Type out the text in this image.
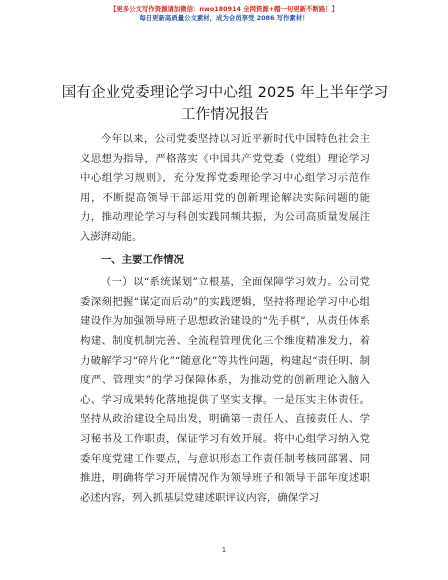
【更多公文写作资源请加微信：nwo180914 全网资源+帽一句更新不断路！】
每日更新高质量公文素材，成为会员享受 2086 写作素材！
国有企业党委理论学习中心组 2025 年上半年学习工作情况报告

今年以来，公司党委坚持以习近平新时代中国特色社会主义思想为指导，严格落实《中国共产党党委（党组）理论学习中心组学习规则》，充分发挥党委理论学习中心组学习示范作用，不断提高领导干部运用党的创新理论解决实际问题的能力，推动理论学习与科创实践同频共振，为公司高质量发展注入澎湃动能。

一、主要工作情况

（一）以“系统谋划”立根基，全面保障学习效力。公司党委深刻把握“谋定而后动”的实践逻辑，坚持将理论学习中心组建设作为加强领导班子思想政治建设的“先手棋”，从责任体系构建、制度机制完善、全流程管理优化三个维度精准发力，着力破解学习“碎片化”“随意化”等共性问题，构建起“责任明、制度严、管理实”的学习保障体系，为推动党的创新理论入脑入心、学习成果转化落地提供了坚实支撑。一是压实主体责任。坚持从政治建设全局出发，明确第一责任人、直接责任人、学习秘书及工作职责，保证学习有效开展。将中心组学习纳入党委年度党建工作要点，与意识形态工作责任制考核同部署、同推进，明确将学习开展情况作为领导班子和领导干部年度述职必述内容，列入抓基层党建述职评议内容，确保学习

1
